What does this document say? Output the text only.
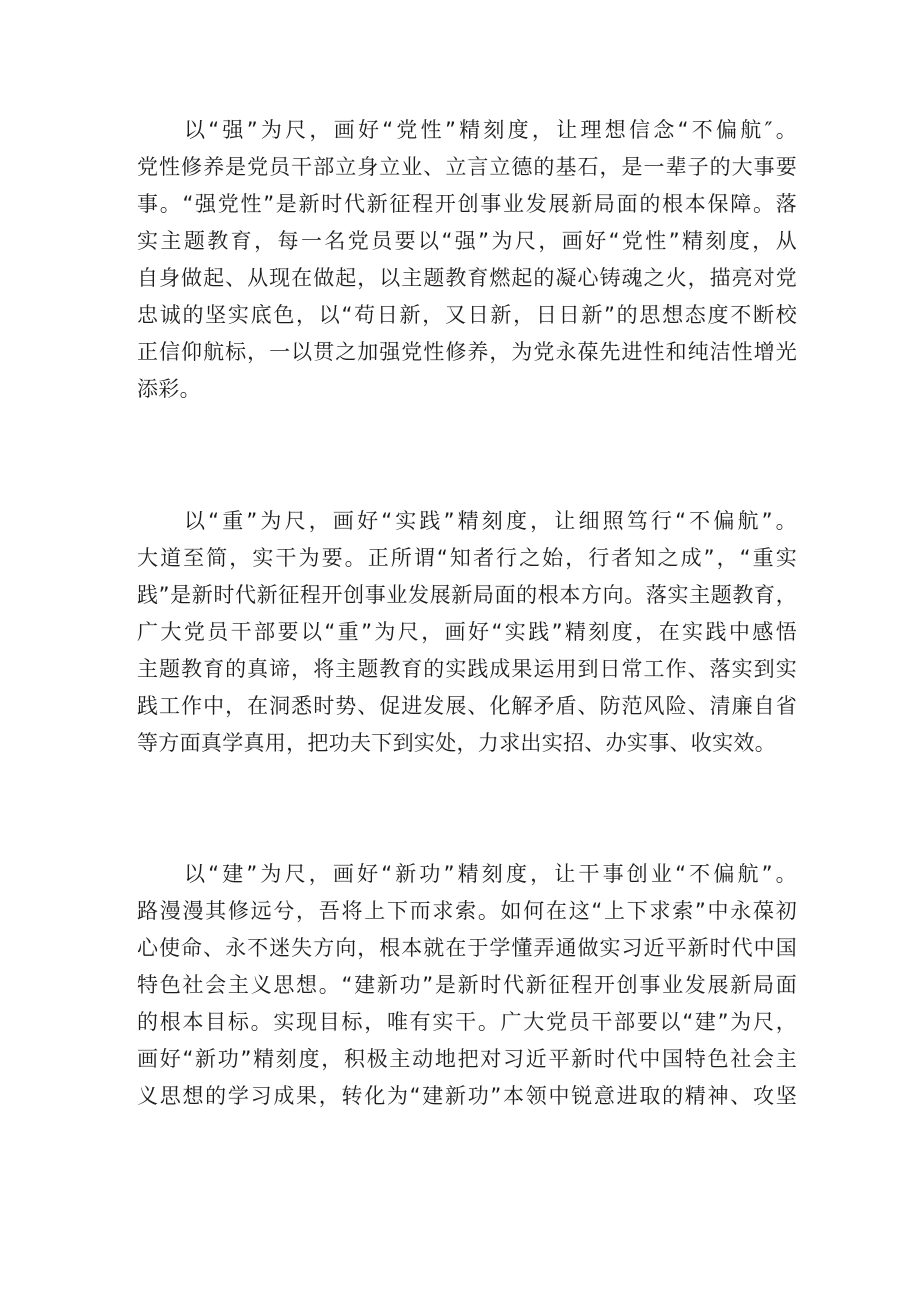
以“强”为尺，画好“党性”精刻度，让理想信念“不偏航″。
党性修养是党员干部立身立业、立言立德的基石，是一辈子的大事要
事。“强党性”是新时代新征程开创事业发展新局面的根本保障。落
实主题教育，每一名党员要以“强”为尺，画好“党性”精刻度，从
自身做起、从现在做起，以主题教育燃起的凝心铸魂之火，描亮对党
忠诚的坚实底色，以“苟日新，又日新，日日新”的思想态度不断校
正信仰航标，一以贯之加强党性修养，为党永葆先进性和纯洁性增光
添彩。
以“重”为尺，画好“实践”精刻度，让细照笃行“不偏航”。
大道至简，实干为要。正所谓“知者行之始，行者知之成”，“重实
践”是新时代新征程开创事业发展新局面的根本方向。落实主题教育，
广大党员干部要以“重”为尺，画好“实践”精刻度，在实践中感悟
主题教育的真谛，将主题教育的实践成果运用到日常工作、落实到实
践工作中，在洞悉时势、促进发展、化解矛盾、防范风险、清廉自省
等方面真学真用，把功夫下到实处，力求出实招、办实事、收实效。
以“建”为尺，画好“新功”精刻度，让干事创业“不偏航”。
路漫漫其修远兮，吾将上下而求索。如何在这“上下求索”中永葆初
心使命、永不迷失方向，根本就在于学懂弄通做实习近平新时代中国
特色社会主义思想。“建新功”是新时代新征程开创事业发展新局面
的根本目标。实现目标，唯有实干。广大党员干部要以“建”为尺，
画好“新功”精刻度，积极主动地把对习近平新时代中国特色社会主
义思想的学习成果，转化为“建新功”本领中锐意进取的精神、攻坚
